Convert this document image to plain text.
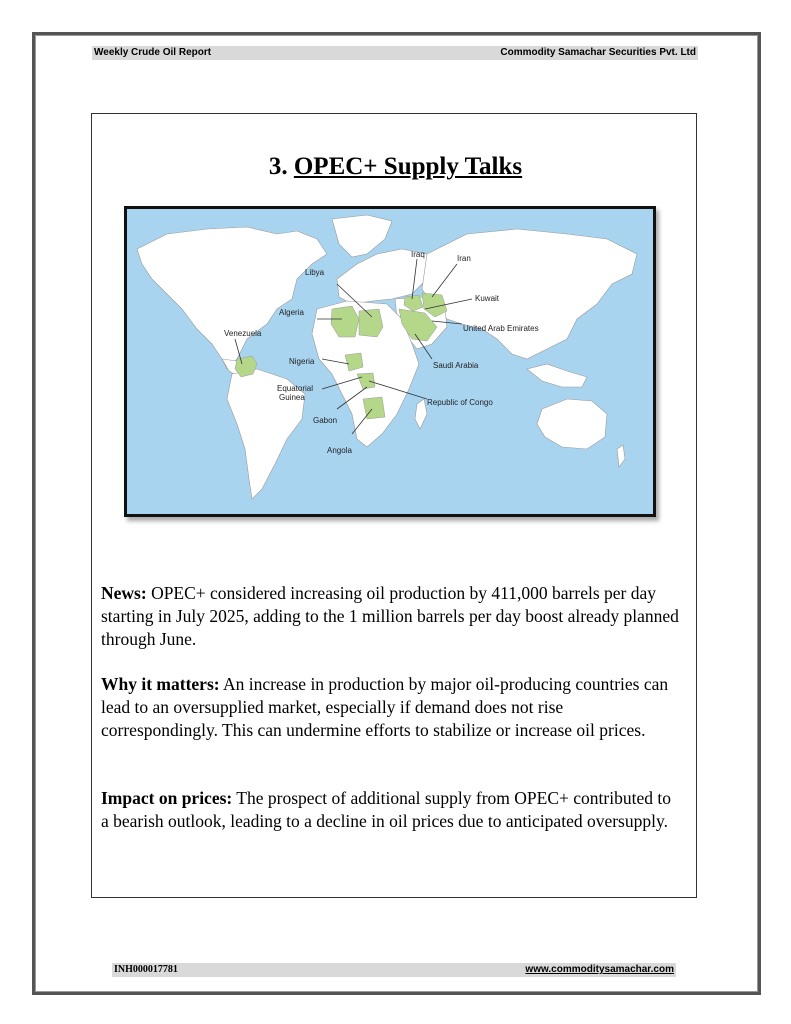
Weekly Crude Oil Report	Commodity Samachar Securities Pvt. Ltd
3. OPEC+ Supply Talks
Iraq	Iran
Libya
Kuwait
Algeria
United Arab Emirates
Venezuela
Saudi Arabia
Nigeria
Equatorial
Guinea
Republic of Congo
Gabon
Angola

News: OPEC+ considered increasing oil production by 411,000 barrels per day starting in July 2025, adding to the 1 million barrels per day boost already planned through June.

Why it matters: An increase in production by major oil-producing countries can lead to an oversupplied market, especially if demand does not rise correspondingly. This can undermine efforts to stabilize or increase oil prices.

Impact on prices: The prospect of additional supply from OPEC+ contributed to a bearish outlook, leading to a decline in oil prices due to anticipated oversupply.

INH000017781	www.commoditysamachar.com
